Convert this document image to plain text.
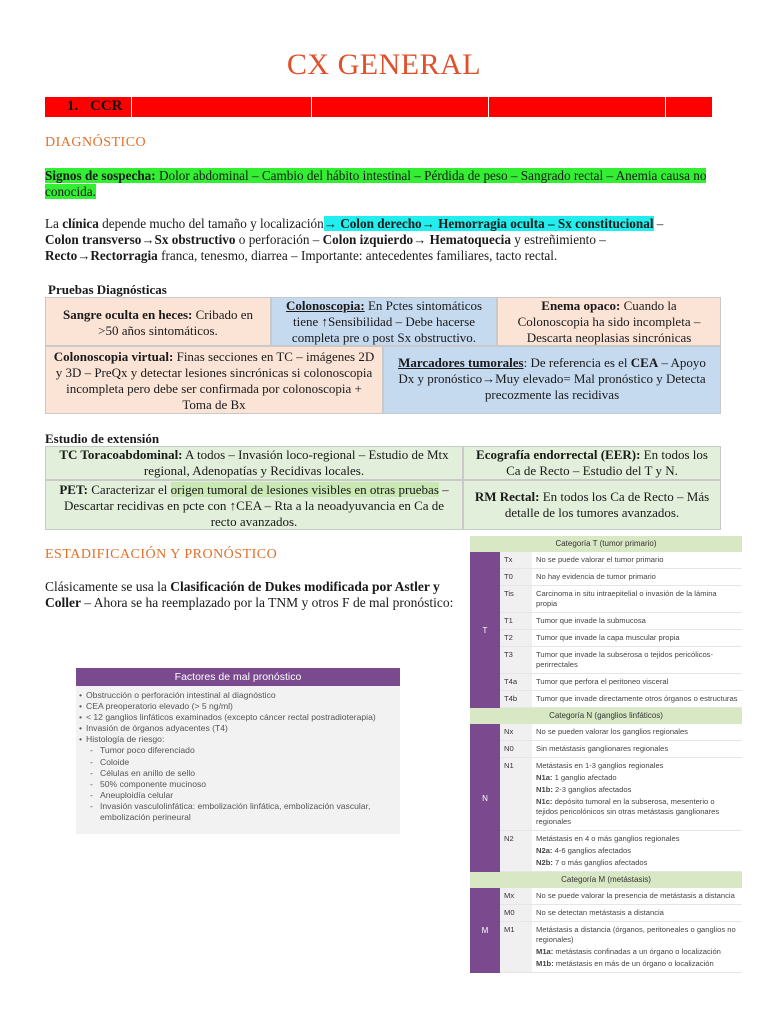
CX GENERAL
1. CCR
DIAGNÓSTICO
Signos de sospecha: Dolor abdominal – Cambio del hábito intestinal – Pérdida de peso – Sangrado rectal – Anemia causa no conocida.
La clínica depende mucho del tamaño y localización→ Colon derecho→ Hemorragia oculta – Sx constitucional –
Colon transverso→Sx obstructivo o perforación – Colon izquierdo→ Hematoquecia y estreñimiento –
Recto→Rectorragia franca, tenesmo, diarrea – Importante: antecedentes familiares, tacto rectal.
Pruebas Diagnósticas
Sangre oculta en heces: Cribado en >50 años sintomáticos.
Colonoscopia: En Pctes sintomáticos tiene ↑Sensibilidad – Debe hacerse completa pre o post Sx obstructivo.
Enema opaco: Cuando la Colonoscopia ha sido incompleta – Descarta neoplasias sincrónicas
Colonoscopia virtual: Finas secciones en TC – imágenes 2D y 3D – PreQx y detectar lesiones sincrónicas si colonoscopia incompleta pero debe ser confirmada por colonoscopia + Toma de Bx
Marcadores tumorales: De referencia es el CEA – Apoyo Dx y pronóstico→Muy elevado= Mal pronóstico y Detecta precozmente las recidivas
Estudio de extensión
TC Toracoabdominal: A todos – Invasión loco-regional – Estudio de Mtx regional, Adenopatías y Recidivas locales.
Ecografía endorrectal (EER): En todos los Ca de Recto – Estudio del T y N.
PET: Caracterizar el origen tumoral de lesiones visibles en otras pruebas – Descartar recidivas en pcte con ↑CEA – Rta a la neoadyuvancia en Ca de recto avanzados.
RM Rectal: En todos los Ca de Recto – Más detalle de los tumores avanzados.
ESTADIFICACIÓN Y PRONÓSTICO
Clásicamente se usa la Clasificación de Dukes modificada por Astler y Coller – Ahora se ha reemplazado por la TNM y otros F de mal pronóstico:
Factores de mal pronóstico
• Obstrucción o perforación intestinal al diagnóstico
• CEA preoperatorio elevado (> 5 ng/ml)
• < 12 ganglios linfáticos examinados (excepto cáncer rectal postradioterapia)
• Invasión de órganos adyacentes (T4)
• Histología de riesgo:
- Tumor poco diferenciado
- Coloide
- Células en anillo de sello
- 50% componente mucinoso
- Aneuploidía celular
- Invasión vasculolinfática: embolización linfática, embolización vascular,
embolización perineural
Categoría T (tumor primario)
T
Tx	No se puede valorar el tumor primario
T0	No hay evidencia de tumor primario
Tis	Carcinoma in situ intraepitelial o invasión de la lámina propia
T1	Tumor que invade la submucosa
T2	Tumor que invade la capa muscular propia
T3	Tumor que invade la subserosa o tejidos pericólicos-perirrectales
T4a	Tumor que perfora el peritoneo visceral
T4b	Tumor que invade directamente otros órganos o estructuras
Categoría N (ganglios linfáticos)
N
Nx	No se pueden valorar los ganglios regionales
N0	Sin metástasis ganglionares regionales
N1	Metástasis en 1-3 ganglios regionales
N1a: 1 ganglio afectado
N1b: 2-3 ganglios afectados
N1c: depósito tumoral en la subserosa, mesenterio o tejidos pericolónicos sin otras metástasis ganglionares regionales
N2	Metástasis en 4 o más ganglios regionales
N2a: 4-6 ganglios afectados
N2b: 7 o más ganglios afectados
Categoría M (metástasis)
M
Mx	No se puede valorar la presencia de metástasis a distancia
M0	No se detectan metástasis a distancia
M1	Metástasis a distancia (órganos, peritoneales o ganglios no regionales)
M1a: metástasis confinadas a un órgano o localización
M1b: metástasis en más de un órgano o localización
